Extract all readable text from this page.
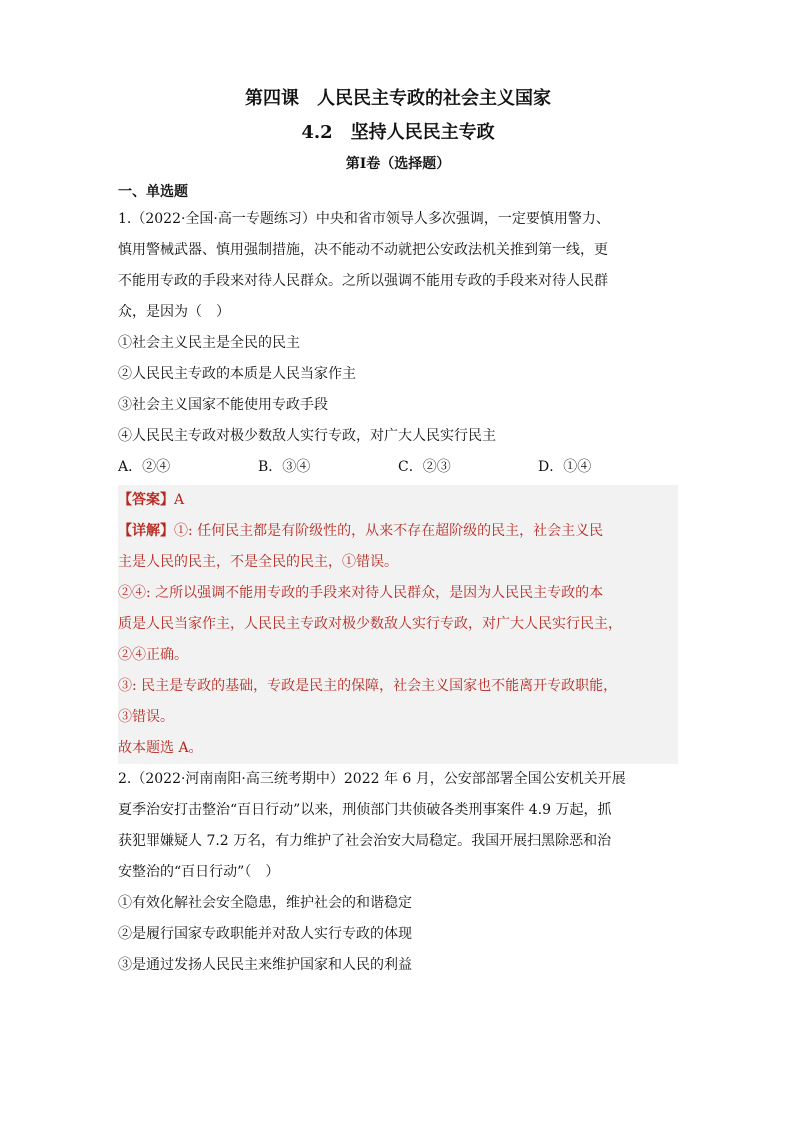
第四课　人民民主专政的社会主义国家
4.2　坚持人民民主专政
第Ⅰ卷（选择题）
一、单选题
1.（2022·全国·高一专题练习）中央和省市领导人多次强调，一定要慎用警力、
慎用警械武器、慎用强制措施，决不能动不动就把公安政法机关推到第一线，更
不能用专政的手段来对待人民群众。之所以强调不能用专政的手段来对待人民群
众，是因为（　）
①社会主义民主是全民的民主
②人民民主专政的本质是人民当家作主
③社会主义国家不能使用专政手段
④人民民主专政对极少数敌人实行专政，对广大人民实行民主
A．②④	B．③④	C．②③	D．①④
【答案】A
【详解】①: 任何民主都是有阶级性的，从来不存在超阶级的民主，社会主义民
主是人民的民主，不是全民的民主，①错误。
②④: 之所以强调不能用专政的手段来对待人民群众，是因为人民民主专政的本
质是人民当家作主，人民民主专政对极少数敌人实行专政，对广大人民实行民主，
②④正确。
③: 民主是专政的基础，专政是民主的保障，社会主义国家也不能离开专政职能，
③错误。
故本题选 A。
2.（2022·河南南阳·高三统考期中）2022 年 6 月，公安部部署全国公安机关开展
夏季治安打击整治“百日行动”以来，刑侦部门共侦破各类刑事案件 4.9 万起，抓
获犯罪嫌疑人 7.2 万名，有力维护了社会治安大局稳定。我国开展扫黑除恶和治
安整治的“百日行动”（　）
①有效化解社会安全隐患，维护社会的和谐稳定
②是履行国家专政职能并对敌人实行专政的体现
③是通过发扬人民民主来维护国家和人民的利益
